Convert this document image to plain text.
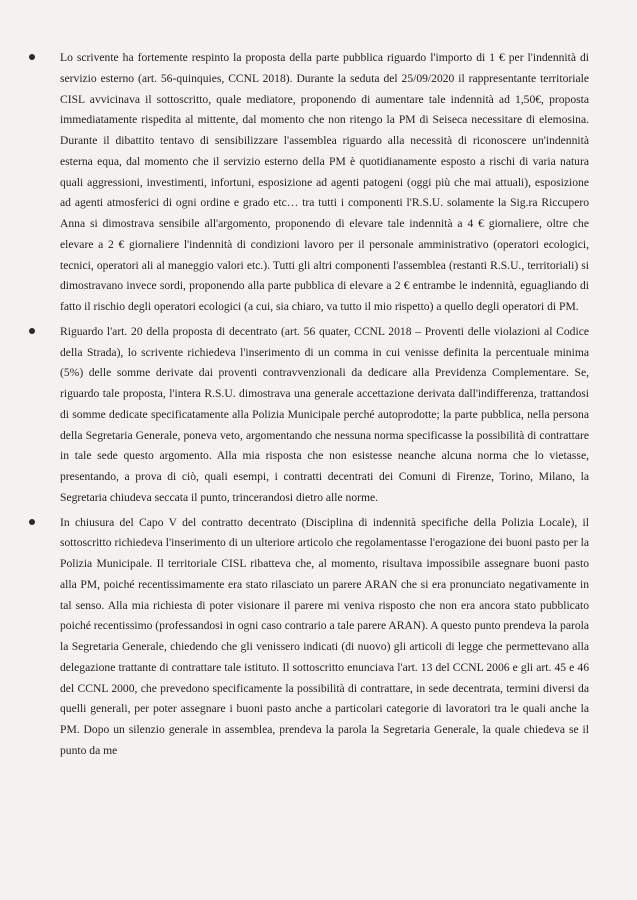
Lo scrivente ha fortemente respinto la proposta della parte pubblica riguardo l'importo di 1 € per l'indennità di servizio esterno (art. 56-quinquies, CCNL 2018). Durante la seduta del 25/09/2020 il rappresentante territoriale CISL avvicinava il sottoscritto, quale mediatore, proponendo di aumentare tale indennità ad 1,50€, proposta immediatamente rispedita al mittente, dal momento che non ritengo la PM di Seiseca necessitare di elemosina. Durante il dibattito tentavo di sensibilizzare l'assemblea riguardo alla necessità di riconoscere un'indennità esterna equa, dal momento che il servizio esterno della PM è quotidianamente esposto a rischi di varia natura quali aggressioni, investimenti, infortuni, esposizione ad agenti patogeni (oggi più che mai attuali), esposizione ad agenti atmosferici di ogni ordine e grado etc… tra tutti i componenti l'R.S.U. solamente la Sig.ra Riccupero Anna si dimostrava sensibile all'argomento, proponendo di elevare tale indennità a 4 € giornaliere, oltre che elevare a 2 € giornaliere l'indennità di condizioni lavoro per il personale amministrativo (operatori ecologici, tecnici, operatori ali al maneggio valori etc.). Tutti gli altri componenti l'assemblea (restanti R.S.U., territoriali) si dimostravano invece sordi, proponendo alla parte pubblica di elevare a 2 € entrambe le indennità, eguagliando di fatto il rischio degli operatori ecologici (a cui, sia chiaro, va tutto il mio rispetto) a quello degli operatori di PM.
Riguardo l'art. 20 della proposta di decentrato (art. 56 quater, CCNL 2018 – Proventi delle violazioni al Codice della Strada), lo scrivente richiedeva l'inserimento di un comma in cui venisse definita la percentuale minima (5%) delle somme derivate dai proventi contravvenzionali da dedicare alla Previdenza Complementare. Se, riguardo tale proposta, l'intera R.S.U. dimostrava una generale accettazione derivata dall'indifferenza, trattandosi di somme dedicate specificatamente alla Polizia Municipale perché autoprodotte; la parte pubblica, nella persona della Segretaria Generale, poneva veto, argomentando che nessuna norma specificasse la possibilità di contrattare in tale sede questo argomento. Alla mia risposta che non esistesse neanche alcuna norma che lo vietasse, presentando, a prova di ciò, quali esempi, i contratti decentrati dei Comuni di Firenze, Torino, Milano, la Segretaria chiudeva seccata il punto, trincerandosi dietro alle norme.
In chiusura del Capo V del contratto decentrato (Disciplina di indennità specifiche della Polizia Locale), il sottoscritto richiedeva l'inserimento di un ulteriore articolo che regolamentasse l'erogazione dei buoni pasto per la Polizia Municipale. Il territoriale CISL ribatteva che, al momento, risultava impossibile assegnare buoni pasto alla PM, poiché recentissimamente era stato rilasciato un parere ARAN che si era pronunciato negativamente in tal senso. Alla mia richiesta di poter visionare il parere mi veniva risposto che non era ancora stato pubblicato poiché recentissimo (professandosi in ogni caso contrario a tale parere ARAN). A questo punto prendeva la parola la Segretaria Generale, chiedendo che gli venissero indicati (di nuovo) gli articoli di legge che permettevano alla delegazione trattante di contrattare tale istituto. Il sottoscritto enunciava l'art. 13 del CCNL 2006 e gli art. 45 e 46 del CCNL 2000, che prevedono specificamente la possibilità di contrattare, in sede decentrata, termini diversi da quelli generali, per poter assegnare i buoni pasto anche a particolari categorie di lavoratori tra le quali anche la PM. Dopo un silenzio generale in assemblea, prendeva la parola la Segretaria Generale, la quale chiedeva se il punto da me
